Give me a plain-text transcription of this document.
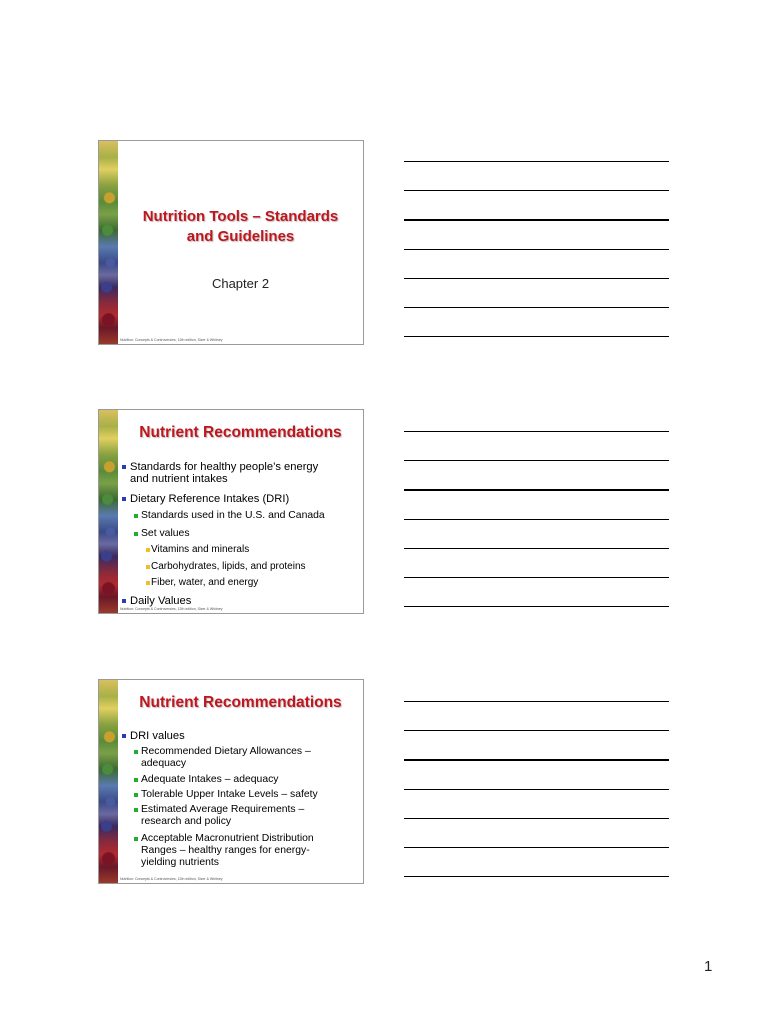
Nutrition Tools – Standards
and Guidelines
Chapter 2
Nutrition: Concepts & Controversies, 12th edition, Sizer & Whitney
Nutrient Recommendations
Standards for healthy people’s energy
and nutrient intakes
Dietary Reference Intakes (DRI)
Standards used in the U.S. and Canada
Set values
Vitamins and minerals
Carbohydrates, lipids, and proteins
Fiber, water, and energy
Daily Values
Nutrition: Concepts & Controversies, 12th edition, Sizer & Whitney
Nutrient Recommendations
DRI values
Recommended Dietary Allowances –
adequacy
Adequate Intakes – adequacy
Tolerable Upper Intake Levels – safety
Estimated Average Requirements –
research and policy
Acceptable Macronutrient Distribution
Ranges – healthy ranges for energy-
yielding nutrients
Nutrition: Concepts & Controversies, 12th edition, Sizer & Whitney
1
